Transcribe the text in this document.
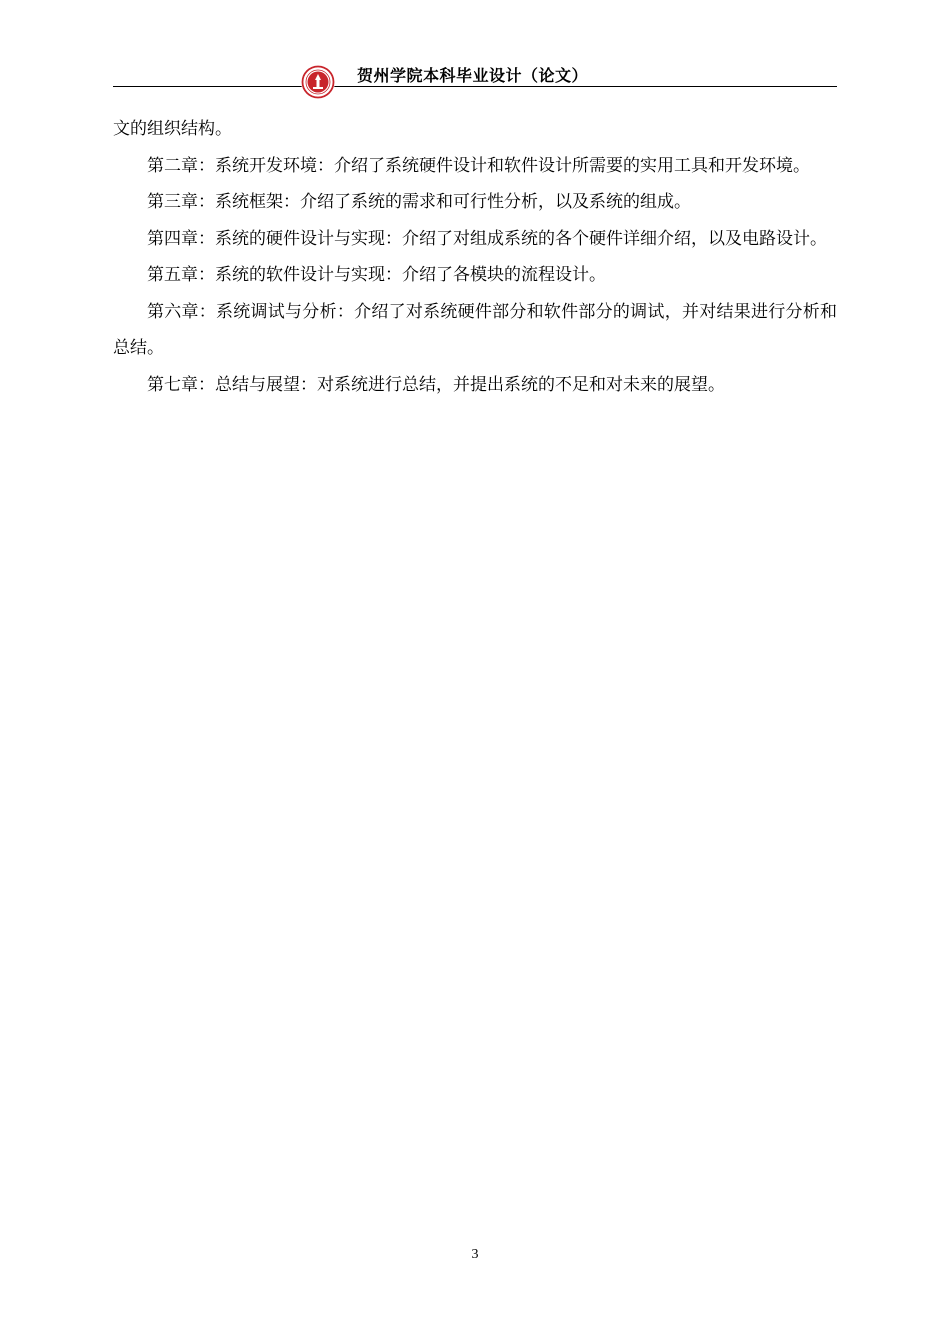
贺州学院本科毕业设计（论文）

文的组织结构。

第二章：系统开发环境：介绍了系统硬件设计和软件设计所需要的实用工具和开发环境。

第三章：系统框架：介绍了系统的需求和可行性分析，以及系统的组成。

第四章：系统的硬件设计与实现：介绍了对组成系统的各个硬件详细介绍，以及电路设计。

第五章：系统的软件设计与实现：介绍了各模块的流程设计。

第六章：系统调试与分析：介绍了对系统硬件部分和软件部分的调试，并对结果进行分析和总结。

第七章：总结与展望：对系统进行总结，并提出系统的不足和对未来的展望。

3
